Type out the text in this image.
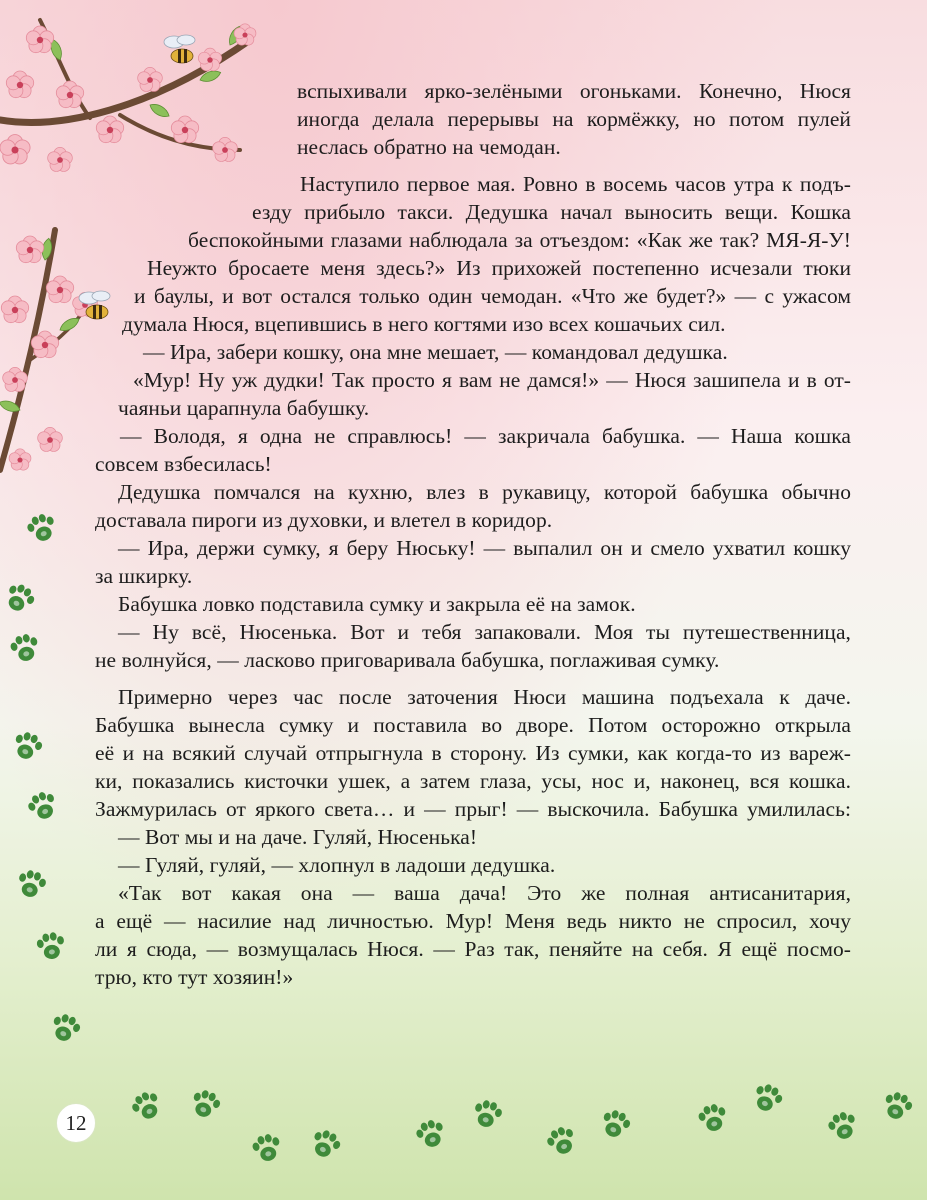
12
вспыхивали ярко-зелёными огоньками. Конечно, Нюся
иногда делала перерывы на кормёжку, но потом пулей
неслась обратно на чемодан.
Наступило первое мая. Ровно в восемь часов утра к подъ-
езду прибыло такси. Дедушка начал выносить вещи. Кошка
беспокойными глазами наблюдала за отъездом: «Как же так? МЯ-Я-У!
Неужто бросаете меня здесь?» Из прихожей постепенно исчезали тюки
и баулы, и вот остался только один чемодан. «Что же будет?» — с ужасом
думала Нюся, вцепившись в него когтями изо всех кошачьих сил.
— Ира, забери кошку, она мне мешает, — командовал дедушка.
«Мур! Ну уж дудки! Так просто я вам не дамся!» — Нюся зашипела и в от-
чаяньи царапнула бабушку.
— Володя, я одна не справлюсь! — закричала бабушка. — Наша кошка
совсем взбесилась!
Дедушка помчался на кухню, влез в рукавицу, которой бабушка обычно
доставала пироги из духовки, и влетел в коридор.
— Ира, держи сумку, я беру Нюську! — выпалил он и смело ухватил кошку
за шкирку.
Бабушка ловко подставила сумку и закрыла её на замок.
— Ну всё, Нюсенька. Вот и тебя запаковали. Моя ты путешественница,
не волнуйся, — ласково приговаривала бабушка, поглаживая сумку.
Примерно через час после заточения Нюси машина подъехала к даче.
Бабушка вынесла сумку и поставила во дворе. Потом осторожно открыла
её и на всякий случай отпрыгнула в сторону. Из сумки, как когда-то из вареж-
ки, показались кисточки ушек, а затем глаза, усы, нос и, наконец, вся кошка.
Зажмурилась от яркого света… и — прыг! — выскочила. Бабушка умилилась:
— Вот мы и на даче. Гуляй, Нюсенька!
— Гуляй, гуляй, — хлопнул в ладоши дедушка.
«Так вот какая она — ваша дача! Это же полная антисанитария,
а ещё — насилие над личностью. Мур! Меня ведь никто не спросил, хочу
ли я сюда, — возмущалась Нюся. — Раз так, пеняйте на себя. Я ещё посмо-
трю, кто тут хозяин!»
